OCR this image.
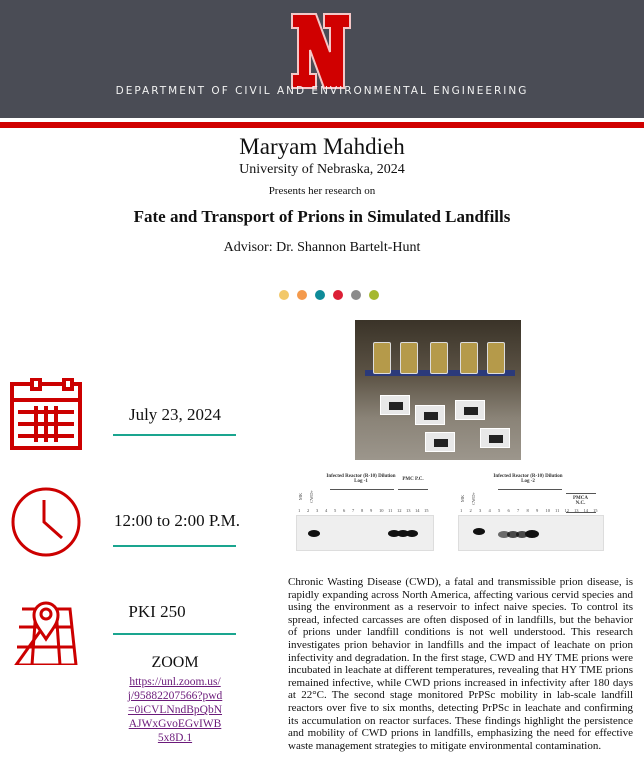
DEPARTMENT OF CIVIL AND ENVIRONMENTAL ENGINEERING
Maryam Mahdieh
University of Nebraska, 2024
Presents her research on
Fate and Transport of Prions in Simulated Landfills
Advisor: Dr. Shannon Bartelt-Hunt
July 23, 2024
12:00 to 2:00 P.M.
PKI 250
ZOOM
https://unl.zoom.us/j/95882207566?pwd=0iCVLNndBpQbNAJWxGvoEGvIWB5x8D.1
Infected Reactor (R-10) Dilution Log -1	PMC P.C.
MK CWD+
1 2 3 4 5 6 7 8 9 10 11 12 13 14 15
Infected Reactor (R-10) Dilution Log -2
PMCA N.C.
MK CWD+
1 2 3 4 5 6 7 8 9 10 11 12 13 14 15
Chronic Wasting Disease (CWD), a fatal and transmissible prion disease, is rapidly expanding across North America, affecting various cervid species and using the environment as a reservoir to infect naive species. To control its spread, infected carcasses are often disposed of in landfills, but the behavior of prions under landfill conditions is not well understood. This research investigates prion behavior in landfills and the impact of leachate on prion infectivity and degradation. In the first stage, CWD and HY TME prions were incubated in leachate at different temperatures, revealing that HY TME prions remained infective, while CWD prions increased in infectivity after 180 days at 22°C. The second stage monitored PrPSc mobility in lab-scale landfill reactors over five to six months, detecting PrPSc in leachate and confirming its accumulation on reactor surfaces. These findings highlight the persistence and mobility of CWD prions in landfills, emphasizing the need for effective waste management strategies to mitigate environmental contamination.
